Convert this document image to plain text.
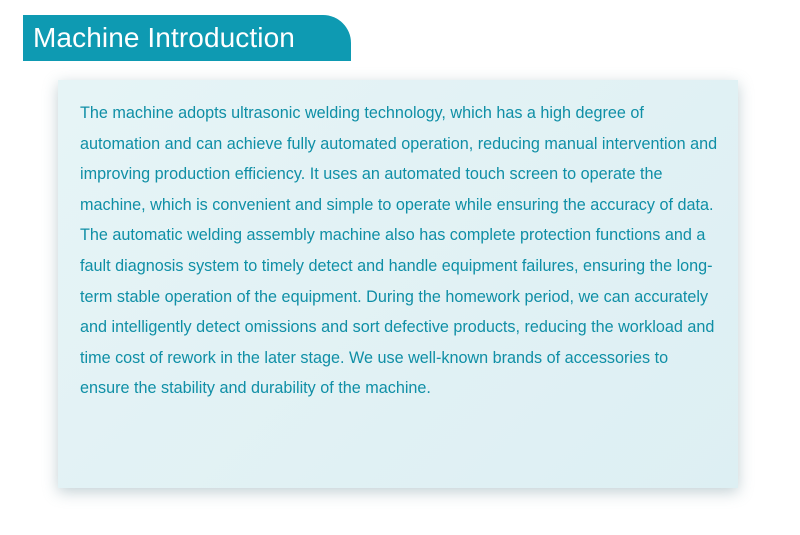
Machine Introduction

The machine adopts ultrasonic welding technology, which has a high degree of automation and can achieve fully automated operation, reducing manual intervention and improving production efficiency. It uses an automated touch screen to operate the machine, which is convenient and simple to operate while ensuring the accuracy of data.

The automatic welding assembly machine also has complete protection functions and a fault diagnosis system to timely detect and handle equipment failures, ensuring the long-term stable operation of the equipment. During the homework period, we can accurately and intelligently detect omissions and sort defective products, reducing the workload and time cost of rework in the later stage. We use well-known brands of accessories to ensure the stability and durability of the machine.
